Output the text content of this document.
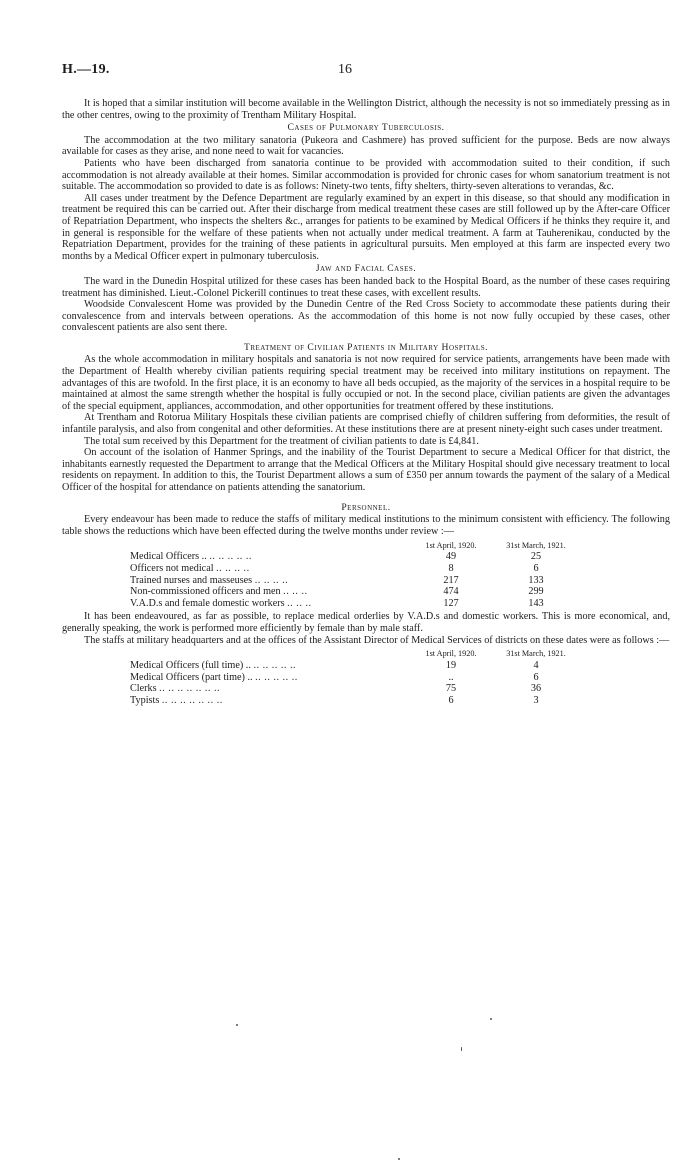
H.—19.	16

It is hoped that a similar institution will become available in the Wellington District, although the necessity is not so immediately pressing as in the other centres, owing to the proximity of Trentham Military Hospital.

Cases of Pulmonary Tuberculosis.

The accommodation at the two military sanatoria (Pukeora and Cashmere) has proved sufficient for the purpose. Beds are now always available for cases as they arise, and none need to wait for vacancies.

Patients who have been discharged from sanatoria continue to be provided with accommodation suited to their condition, if such accommodation is not already available at their homes. Similar accommodation is provided for chronic cases for whom sanatorium treatment is not suitable. The accommodation so provided to date is as follows: Ninety-two tents, fifty shelters, thirty-seven alterations to verandas, &c.

All cases under treatment by the Defence Department are regularly examined by an expert in this disease, so that should any modification in treatment be required this can be carried out. After their discharge from medical treatment these cases are still followed up by the After-care Officer of Repatriation Department, who inspects the shelters &c., arranges for patients to be examined by Medical Officers if he thinks they require it, and in general is responsible for the welfare of these patients when not actually under medical treatment. A farm at Tauherenikau, conducted by the Repatriation Department, provides for the training of these patients in agricultural pursuits. Men employed at this farm are inspected every two months by a Medical Officer expert in pulmonary tuberculosis.

Jaw and Facial Cases.

The ward in the Dunedin Hospital utilized for these cases has been handed back to the Hospital Board, as the number of these cases requiring treatment has diminished. Lieut.-Colonel Pickerill continues to treat these cases, with excellent results.

Woodside Convalescent Home was provided by the Dunedin Centre of the Red Cross Society to accommodate these patients during their convalescence from and intervals between operations. As the accommodation of this home is not now fully occupied by these cases, other convalescent patients are also sent there.

Treatment of Civilian Patients in Military Hospitals.

As the whole accommodation in military hospitals and sanatoria is not now required for service patients, arrangements have been made with the Department of Health whereby civilian patients requiring special treatment may be received into military institutions on repayment. The advantages of this are twofold. In the first place, it is an economy to have all beds occupied, as the majority of the services in a hospital require to be maintained at almost the same strength whether the hospital is fully occupied or not. In the second place, civilian patients are given the advantages of the special equipment, appliances, accommodation, and other opportunities for treatment offered by these institutions.

At Trentham and Rotorua Military Hospitals these civilian patients are comprised chiefly of children suffering from deformities, the result of infantile paralysis, and also from congenital and other deformities. At these institutions there are at present ninety-eight such cases under treatment.

The total sum received by this Department for the treatment of civilian patients to date is £4,841.

On account of the isolation of Hanmer Springs, and the inability of the Tourist Department to secure a Medical Officer for that district, the inhabitants earnestly requested the Department to arrange that the Medical Officers at the Military Hospital should give necessary treatment to local residents on repayment. In addition to this, the Tourist Department allows a sum of £350 per annum towards the payment of the salary of a Medical Officer of the hospital for attendance on patients attending the sanatorium.

Personnel.

Every endeavour has been made to reduce the staffs of military medical institutions to the minimum consistent with efficiency. The following table shows the reductions which have been effected during the twelve months under review :—

	1st April, 1920.	31st March, 1921.
Medical Officers .. .. .. .. .. ..	49	25
Officers not medical .. .. .. ..	8	6
Trained nurses and masseuses .. .. .. ..	217	133
Non-commissioned officers and men .. .. ..	474	299
V.A.D.s and female domestic workers .. .. ..	127	143

It has been endeavoured, as far as possible, to replace medical orderlies by V.A.D.s and domestic workers. This is more economical, and, generally speaking, the work is performed more efficiently by female than by male staff.

The staffs at military headquarters and at the offices of the Assistant Director of Medical Services of districts on these dates were as follows :—

	1st April, 1920.	31st March, 1921.
Medical Officers (full time) .. .. .. .. .. ..	19	4
Medical Officers (part time) .. .. .. .. .. ..	..	6
Clerks .. .. .. .. .. .. ..	75	36
Typists .. .. .. .. .. .. ..	6	3
